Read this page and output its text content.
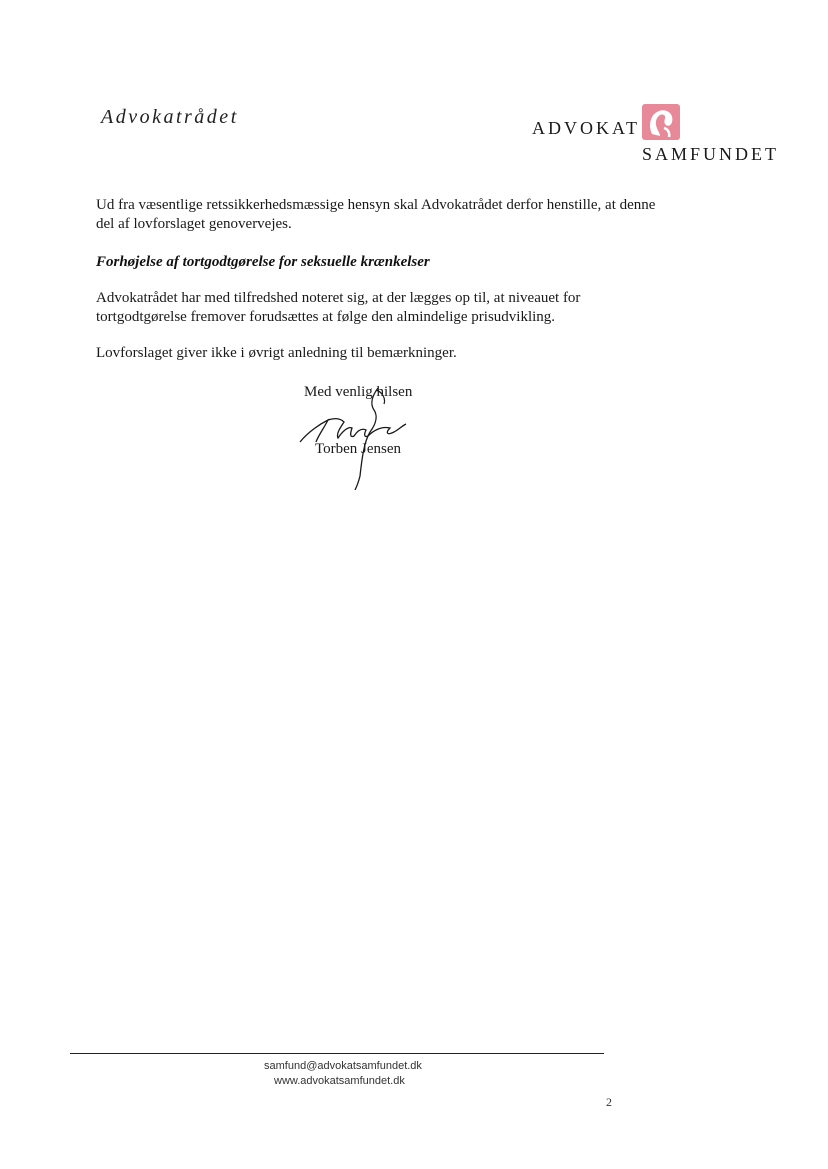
Advokatrådet	ADVOKAT
SAMFUNDET

Ud fra væsentlige retssikkerhedsmæssige hensyn skal Advokatrådet derfor henstille, at denne del af lovforslaget genovervejes.

Forhøjelse af tortgodtgørelse for seksuelle krænkelser

Advokatrådet har med tilfredshed noteret sig, at der lægges op til, at niveauet for tortgodtgørelse fremover forudsættes at følge den almindelige prisudvikling.

Lovforslaget giver ikke i øvrigt anledning til bemærkninger.

Med venlig hilsen
Torben Jensen
samfund@advokatsamfundet.dk
www.advokatsamfundet.dk
2
